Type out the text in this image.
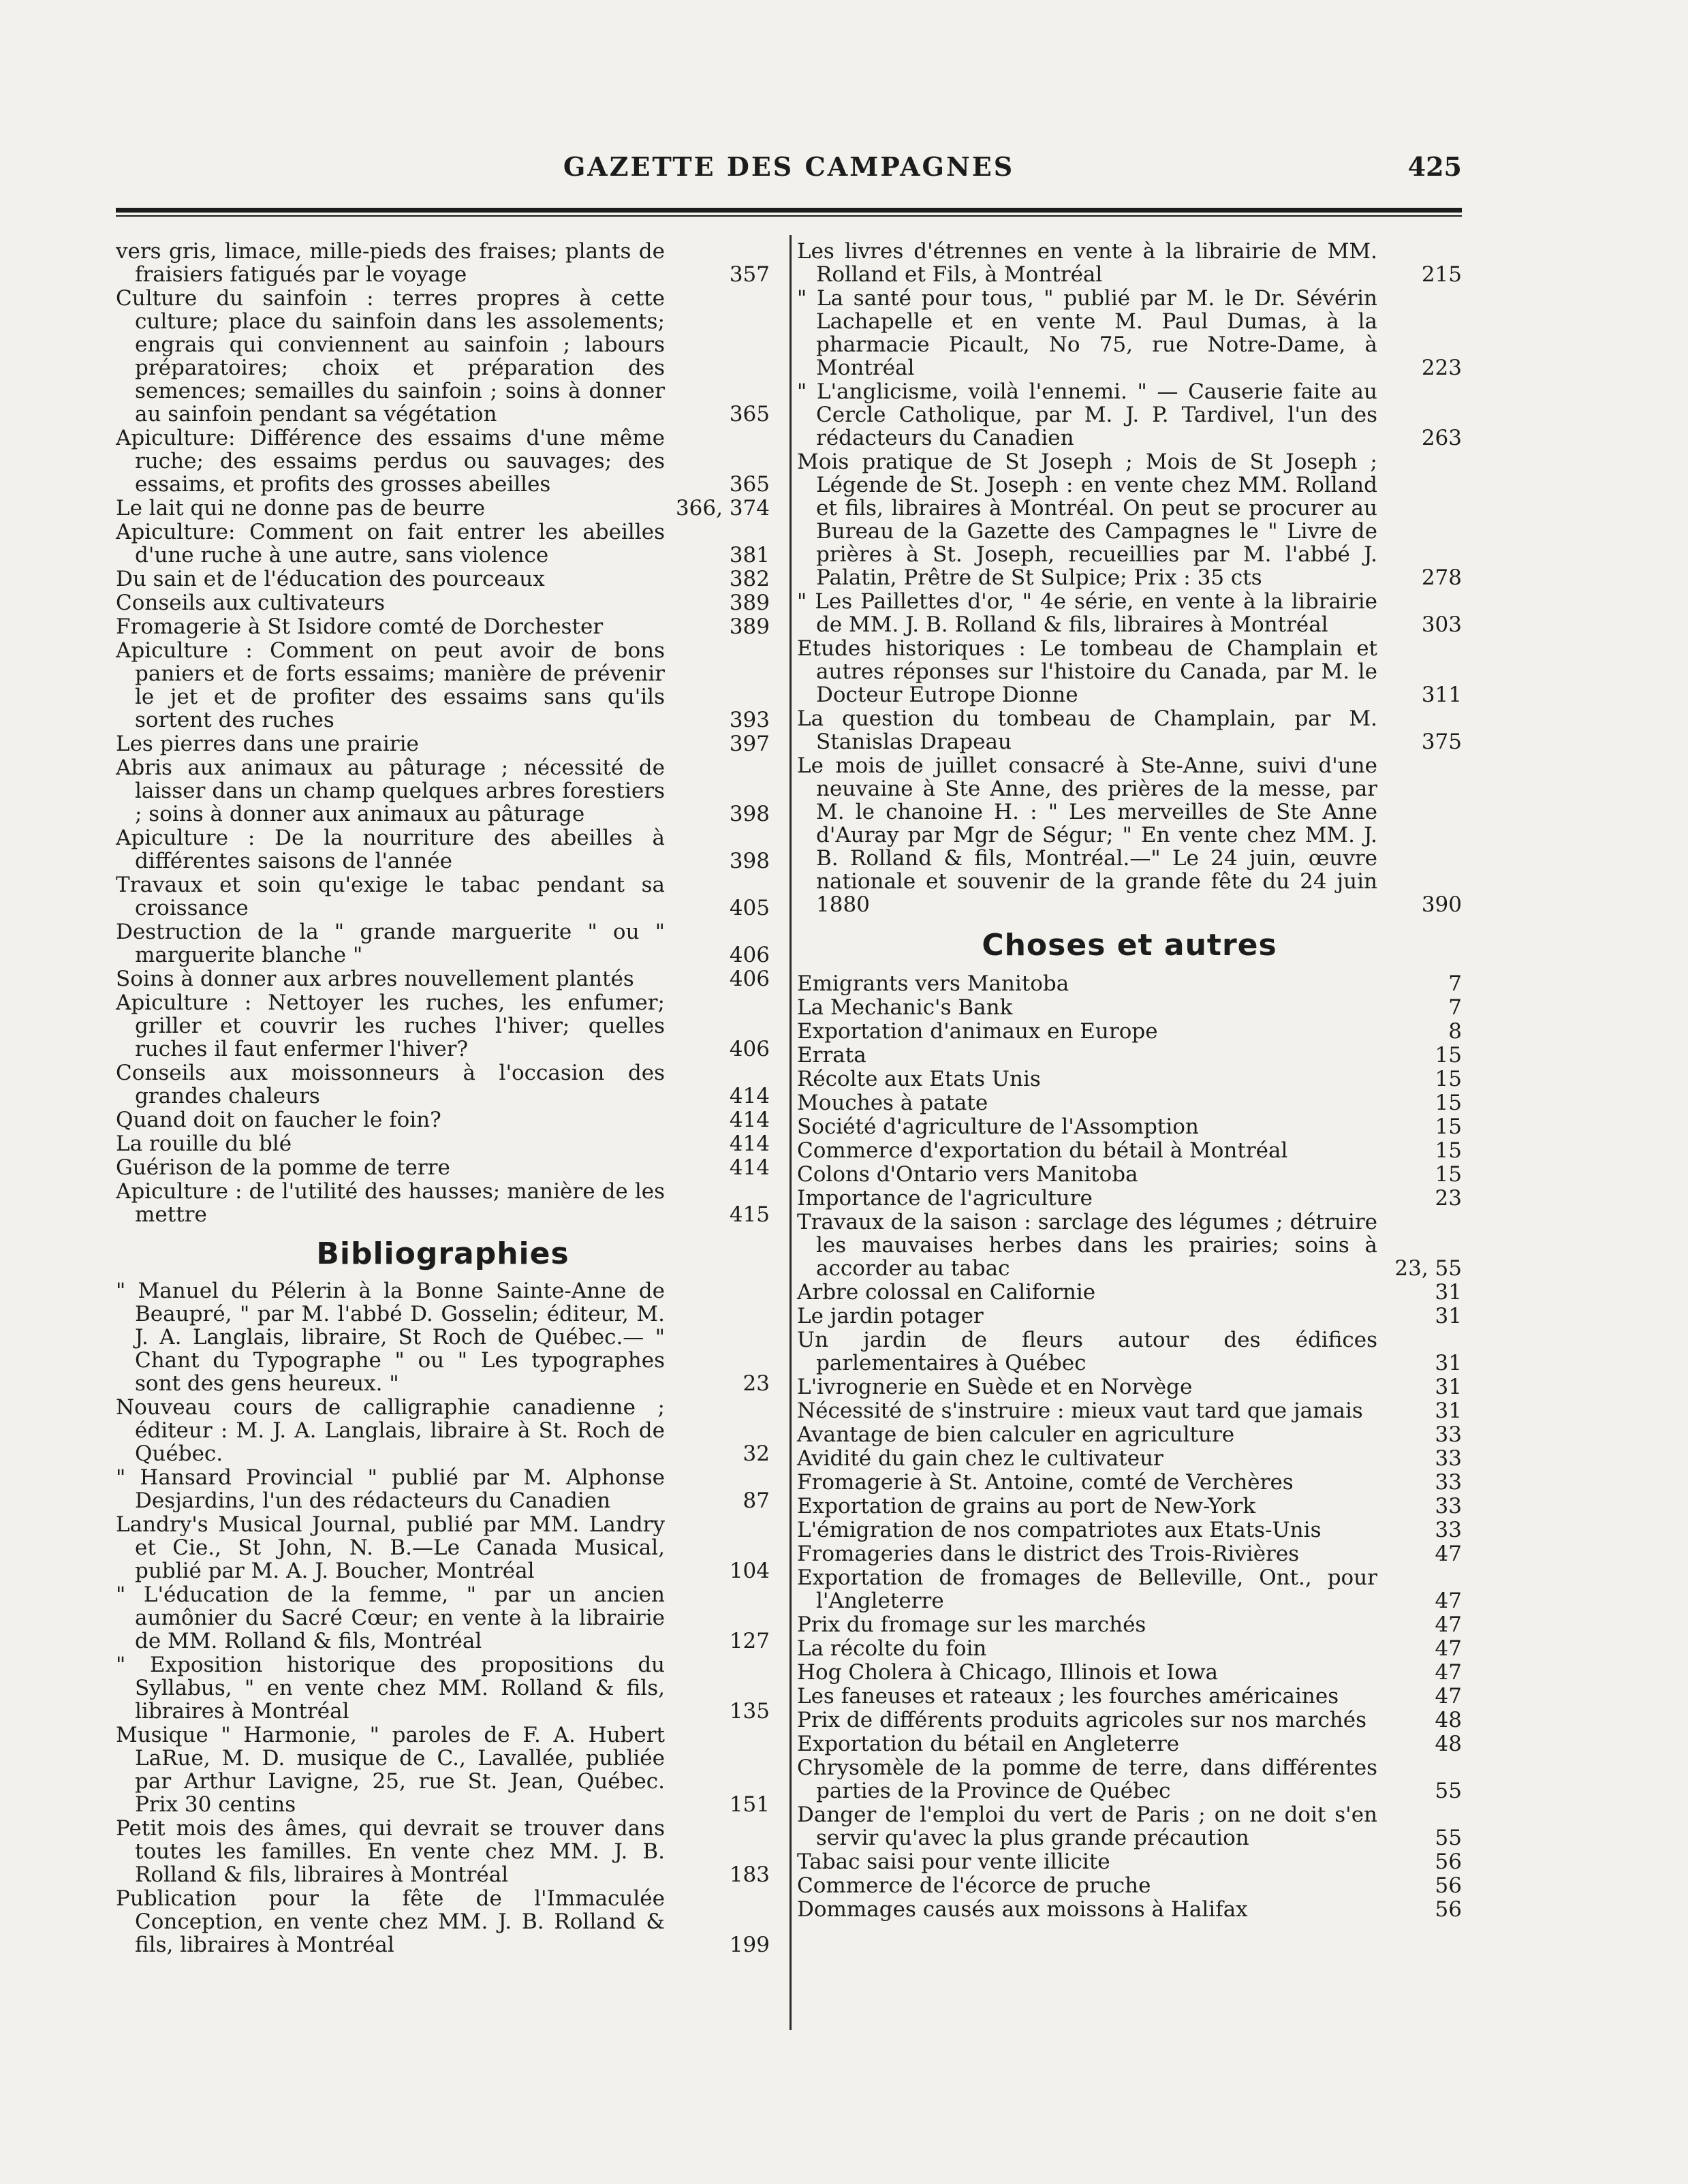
GAZETTE DES CAMPAGNES	425
vers gris, limace, mille-pieds des fraises; plants de fraisiers fatigués par le voyage	357
Culture du sainfoin : terres propres à cette culture; place du sainfoin dans les assolements; engrais qui conviennent au sainfoin ; labours préparatoires; choix et préparation des semences; semailles du sainfoin ; soins à donner au sainfoin pendant sa végétation	365
Apiculture: Différence des essaims d'une même ruche; des essaims perdus ou sauvages; des essaims, et profits des grosses abeilles	365
Le lait qui ne donne pas de beurre	366, 374
Apiculture: Comment on fait entrer les abeilles d'une ruche à une autre, sans violence	381
Du sain et de l'éducation des pourceaux	382
Conseils aux cultivateurs	389
Fromagerie à St Isidore comté de Dorchester	389
Apiculture : Comment on peut avoir de bons paniers et de forts essaims; manière de prévenir le jet et de profiter des essaims sans qu'ils sortent des ruches	393
Les pierres dans une prairie	397
Abris aux animaux au pâturage ; nécessité de laisser dans un champ quelques arbres forestiers ; soins à donner aux animaux au pâturage	398
Apiculture : De la nourriture des abeilles à différentes saisons de l'année	398
Travaux et soin qu'exige le tabac pendant sa croissance	405
Destruction de la " grande marguerite " ou " marguerite blanche "	406
Soins à donner aux arbres nouvellement plantés	406
Apiculture : Nettoyer les ruches, les enfumer; griller et couvrir les ruches l'hiver; quelles ruches il faut enfermer l'hiver?	406
Conseils aux moissonneurs à l'occasion des grandes chaleurs	414
Quand doit on faucher le foin?	414
La rouille du blé	414
Guérison de la pomme de terre	414
Apiculture : de l'utilité des hausses; manière de les mettre	415
Bibliographies
" Manuel du Pélerin à la Bonne Sainte-Anne de Beaupré, " par M. l'abbé D. Gosselin; éditeur, M. J. A. Langlais, libraire, St Roch de Québec.— " Chant du Typographe " ou " Les typographes sont des gens heureux. "	23
Nouveau cours de calligraphie canadienne ; éditeur : M. J. A. Langlais, libraire à St. Roch de Québec.	32
" Hansard Provincial " publié par M. Alphonse Desjardins, l'un des rédacteurs du Canadien	87
Landry's Musical Journal, publié par MM. Landry et Cie., St John, N. B.—Le Canada Musical, publié par M. A. J. Boucher, Montréal	104
" L'éducation de la femme, " par un ancien aumônier du Sacré Cœur; en vente à la librairie de MM. Rolland & fils, Montréal	127
" Exposition historique des propositions du Syllabus, " en vente chez MM. Rolland & fils, libraires à Montréal	135
Musique " Harmonie, " paroles de F. A. Hubert LaRue, M. D. musique de C., Lavallée, publiée par Arthur Lavigne, 25, rue St. Jean, Québec. Prix 30 centins	151
Petit mois des âmes, qui devrait se trouver dans toutes les familles. En vente chez MM. J. B. Rolland & fils, libraires à Montréal	183
Publication pour la fête de l'Immaculée Conception, en vente chez MM. J. B. Rolland & fils, libraires à Montréal	199
Les livres d'étrennes en vente à la librairie de MM. Rolland et Fils, à Montréal	215
" La santé pour tous, " publié par M. le Dr. Sévérin Lachapelle et en vente M. Paul Dumas, à la pharmacie Picault, No 75, rue Notre-Dame, à Montréal	223
" L'anglicisme, voilà l'ennemi. " — Causerie faite au Cercle Catholique, par M. J. P. Tardivel, l'un des rédacteurs du Canadien	263
Mois pratique de St Joseph ; Mois de St Joseph ; Légende de St. Joseph : en vente chez MM. Rolland et fils, libraires à Montréal. On peut se procurer au Bureau de la Gazette des Campagnes le " Livre de prières à St. Joseph, recueillies par M. l'abbé J. Palatin, Prêtre de St Sulpice; Prix : 35 cts	278
" Les Paillettes d'or, " 4e série, en vente à la librairie de MM. J. B. Rolland & fils, libraires à Montréal	303
Etudes historiques : Le tombeau de Champlain et autres réponses sur l'histoire du Canada, par M. le Docteur Eutrope Dionne	311
La question du tombeau de Champlain, par M. Stanislas Drapeau	375
Le mois de juillet consacré à Ste-Anne, suivi d'une neuvaine à Ste Anne, des prières de la messe, par M. le chanoine H. : " Les merveilles de Ste Anne d'Auray par Mgr de Ségur; " En vente chez MM. J. B. Rolland & fils, Montréal.—" Le 24 juin, œuvre nationale et souvenir de la grande fête du 24 juin 1880	390
Choses et autres
Emigrants vers Manitoba	7
La Mechanic's Bank	7
Exportation d'animaux en Europe	8
Errata	15
Récolte aux Etats Unis	15
Mouches à patate	15
Société d'agriculture de l'Assomption	15
Commerce d'exportation du bétail à Montréal	15
Colons d'Ontario vers Manitoba	15
Importance de l'agriculture	23
Travaux de la saison : sarclage des légumes ; détruire les mauvaises herbes dans les prairies; soins à accorder au tabac	23, 55
Arbre colossal en Californie	31
Le jardin potager	31
Un jardin de fleurs autour des édifices parlementaires à Québec	31
L'ivrognerie en Suède et en Norvège	31
Nécessité de s'instruire : mieux vaut tard que jamais	31
Avantage de bien calculer en agriculture	33
Avidité du gain chez le cultivateur	33
Fromagerie à St. Antoine, comté de Verchères	33
Exportation de grains au port de New-York	33
L'émigration de nos compatriotes aux Etats-Unis	33
Fromageries dans le district des Trois-Rivières	47
Exportation de fromages de Belleville, Ont., pour l'Angleterre	47
Prix du fromage sur les marchés	47
La récolte du foin	47
Hog Cholera à Chicago, Illinois et Iowa	47
Les faneuses et rateaux ; les fourches américaines	47
Prix de différents produits agricoles sur nos marchés	48
Exportation du bétail en Angleterre	48
Chrysomèle de la pomme de terre, dans différentes parties de la Province de Québec	55
Danger de l'emploi du vert de Paris ; on ne doit s'en servir qu'avec la plus grande précaution	55
Tabac saisi pour vente illicite	56
Commerce de l'écorce de pruche	56
Dommages causés aux moissons à Halifax	56
